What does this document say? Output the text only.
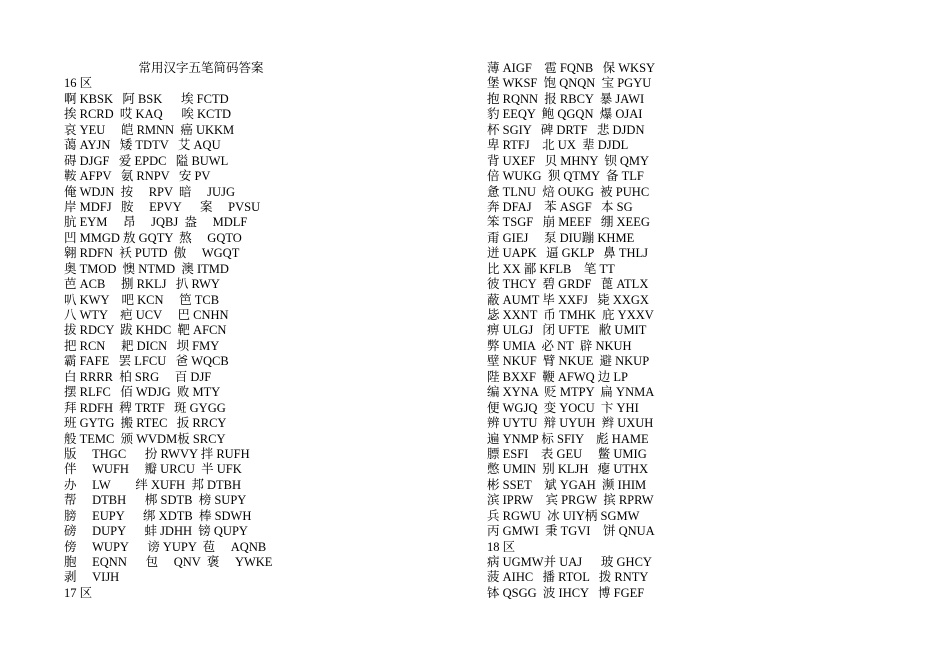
常用汉字五笔简码答案
16 区
啊 KBSK   阿 BSK      埃 FCTD
挨 RCRD  哎 KAQ      唉 KCTD
哀 YEU     皑 RMNN  癌 UKKM
蔼 AYJN   矮 TDTV   艾 AQU
碍 DJGF   爱 EPDC   隘 BUWL
鞍 AFPV   氨 RNPV   安 PV
俺 WDJN  按     RPV  暗     JUJG
岸 MDFJ   胺     EPVY      案     PVSU
肮 EYM     昂     JQBJ  盎     MDLF
凹 MMGD 敖 GQTY  熬     GQTO
翱 RDFN  袄 PUTD  傲     WGQT
奥 TMOD  懊 NTMD  澳 ITMD
芭 ACB     捌 RKLJ   扒 RWY
叭 KWY    吧 KCN     笆 TCB
八 WTY    疤 UCV     巴 CNHN
拔 RDCY  跋 KHDC  靶 AFCN
把 RCN     耙 DICN   坝 FMY
霸 FAFE   罢 LFCU   爸 WQCB
白 RRRR  柏 SRG     百 DJF
摆 RLFC   佰 WDJG  败 MTY
拜 RDFH  稗 TRTF   斑 GYGG
班 GYTG  搬 RTEC   扳 RRCY
般 TEMC  颁 WVDM板 SRCY
版     THGC      扮 RWVY 拌 RUFH
伴     WUFH     瓣 URCU  半 UFK
办     LW        绊 XUFH  邦 DTBH
帮     DTBH      梆 SDTB  榜 SUPY
膀     EUPY      绑 XDTB  棒 SDWH
磅     DUPY      蚌 JDHH  镑 QUPY
傍     WUPY      谤 YUPY  苞     AQNB
胞     EQNN      包     QNV  褒     YWKE
剥     VIJH
17 区
薄 AIGF    雹 FQNB   保 WKSY
堡 WKSF  饱 QNQN  宝 PGYU
抱 RQNN  报 RBCY  暴 JAWI
豹 EEQY  鲍 QGQN  爆 OJAI
杯 SGIY   碑 DRTF   悲 DJDN
卑 RTFJ    北 UX  辈 DJDL
背 UXEF   贝 MHNY  钡 QMY
倍 WUKG  狈 QTMY  备 TLF
惫 TLNU  焙 OUKG  被 PUHC
奔 DFAJ    苯 ASGF   本 SG
笨 TSGF   崩 MEEF   绷 XEEG
甭 GIEJ     泵 DIU蹦 KHME
迸 UAPK   逼 GKLP   鼻 THLJ
比 XX 鄙 KFLB    笔 TT
彼 THCY  碧 GRDF   蓖 ATLX
蔽 AUMT 毕 XXFJ   毙 XXGX
毖 XXNT  币 TMHK  庇 YXXV
痹 ULGJ   闭 UFTE   敝 UMIT
弊 UMIA  必 NT  辟 NKUH
壁 NKUF  臂 NKUE  避 NKUP
陛 BXXF  鞭 AFWQ 边 LP
编 XYNA  贬 MTPY  扁 YNMA
便 WGJQ  变 YOCU  卞 YHI
辨 UYTU  辩 UYUH  辫 UXUH
遍 YNMP 标 SFIY    彪 HAME
膘 ESFI    表 GEU     鳖 UMIG
憋 UMIN  别 KLJH   瘪 UTHX
彬 SSET    斌 YGAH  濒 IHIM
滨 IPRW    宾 PRGW  摈 RPRW
兵 RGWU  冰 UIY柄 SGMW
丙 GMWI  秉 TGVI    饼 QNUA
18 区
病 UGMW并 UAJ      玻 GHCY
菠 AIHC   播 RTOL   拨 RNTY
钵 QSGG  波 IHCY   博 FGEF
